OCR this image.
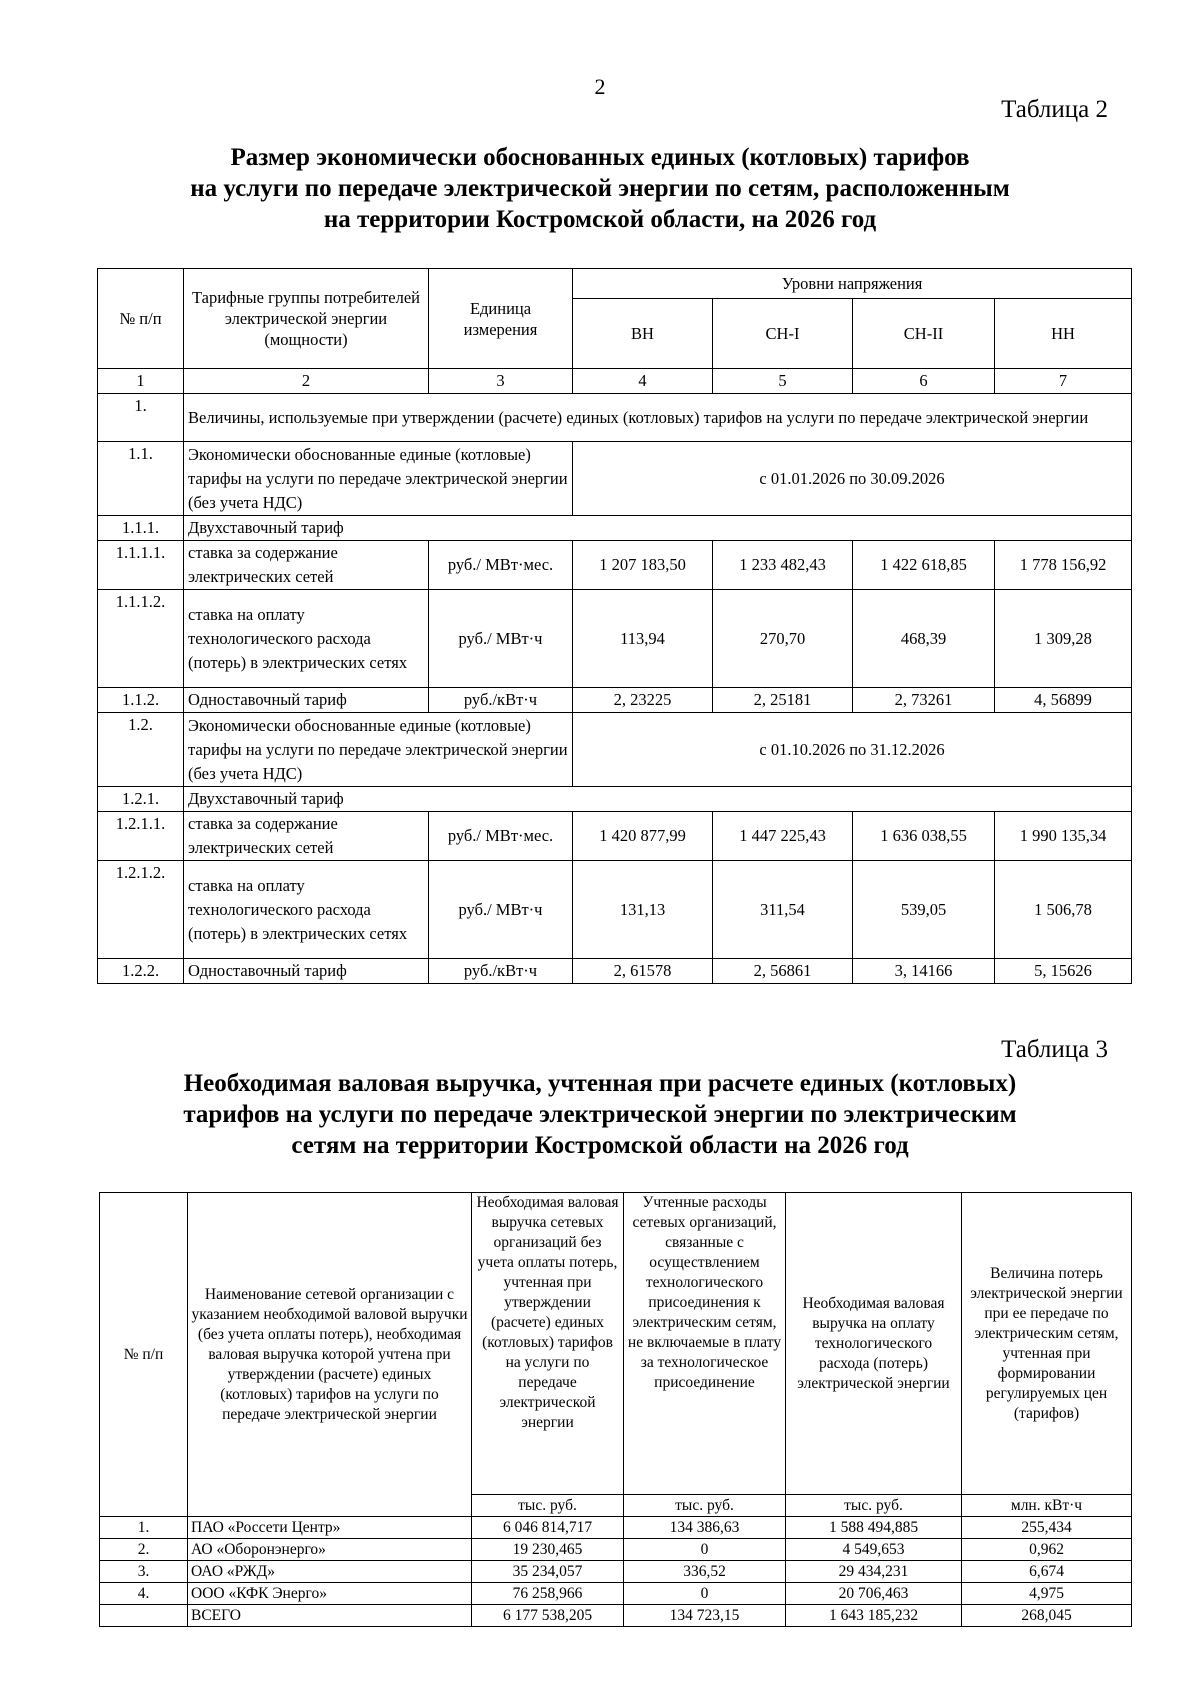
2
Таблица 2
Размер экономически обоснованных единых (котловых) тарифов
на услуги по передаче электрической энергии по сетям, расположенным
на территории Костромской области, на 2026 год
№ п/п	Тарифные группы потребителей электрической энергии (мощности)	Единица измерения	Уровни напряжения			
			ВН	СН-I	СН-II	НН
1	2	3	4	5	6	7
1.	Величины, используемые при утверждении (расчете) единых (котловых) тарифов на услуги по передаче электрической энергии					
1.1.	Экономически обоснованные единые (котловые) тарифы на услуги по передаче электрической энергии (без учета НДС)		с 01.01.2026 по 30.09.2026			
1.1.1.	Двухставочный тариф					
1.1.1.1.	ставка за содержание электрических сетей	руб./ МВт·мес.	1 207 183,50	1 233 482,43	1 422 618,85	1 778 156,92
1.1.1.2.	ставка на оплату технологического расхода (потерь) в электрических сетях	руб./ МВт·ч	113,94	270,70	468,39	1 309,28
1.1.2.	Одноставочный тариф	руб./кВт·ч	2, 23225	2, 25181	2, 73261	4, 56899
1.2.	Экономически обоснованные единые (котловые) тарифы на услуги по передаче электрической энергии (без учета НДС)		с 01.10.2026 по 31.12.2026			
1.2.1.	Двухставочный тариф					
1.2.1.1.	ставка за содержание электрических сетей	руб./ МВт·мес.	1 420 877,99	1 447 225,43	1 636 038,55	1 990 135,34
1.2.1.2.	ставка на оплату технологического расхода (потерь) в электрических сетях	руб./ МВт·ч	131,13	311,54	539,05	1 506,78
1.2.2.	Одноставочный тариф	руб./кВт·ч	2, 61578	2, 56861	3, 14166	5, 15626
Таблица 3
Необходимая валовая выручка, учтенная при расчете единых (котловых)
тарифов на услуги по передаче электрической энергии по электрическим
сетям на территории Костромской области на 2026 год
№ п/п	Наименование сетевой организации с указанием необходимой валовой выручки (без учета оплаты потерь), необходимая валовая выручка которой учтена при утверждении (расчете) единых (котловых) тарифов на услуги по передаче электрической энергии	Необходимая валовая выручка сетевых организаций без учета оплаты потерь, учтенная при утверждении (расчете) единых (котловых) тарифов на услуги по передаче электрической энергии	Учтенные расходы сетевых организаций, связанные с осуществлением технологического присоединения к электрическим сетям, не включаемые в плату за технологическое присоединение	Необходимая валовая выручка на оплату технологического расхода (потерь) электрической энергии	Величина потерь электрической энергии при ее передаче по электрическим сетям, учтенная при формировании регулируемых цен (тарифов)
		тыс. руб.	тыс. руб.	тыс. руб.	млн. кВт·ч
1.	ПАО «Россети Центр»	6 046 814,717	134 386,63	1 588 494,885	255,434
2.	АО «Оборонэнерго»	19 230,465	0	4 549,653	0,962
3.	ОАО «РЖД»	35 234,057	336,52	29 434,231	6,674
4.	ООО «КФК Энерго»	76 258,966	0	20 706,463	4,975
	ВСЕГО	6 177 538,205	134 723,15	1 643 185,232	268,045
